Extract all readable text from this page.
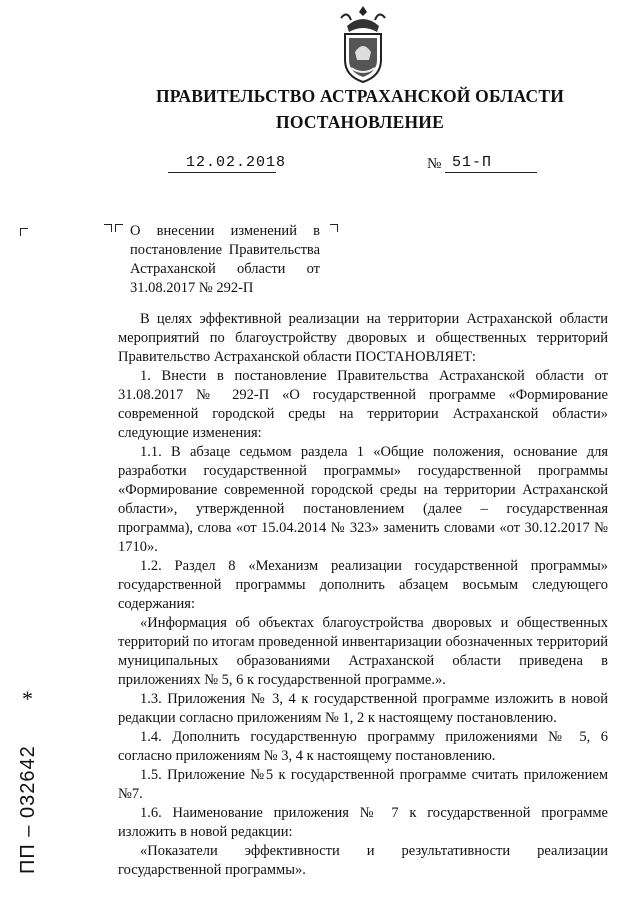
ПРАВИТЕЛЬСТВО АСТРАХАНСКОЙ ОБЛАСТИ
ПОСТАНОВЛЕНИЕ
12.02.2018	№ 51-П

О внесении изменений в постановление Правительства Астраханской области от 31.08.2017 № 292-П

В целях эффективной реализации на территории Астраханской области мероприятий по благоустройству дворовых и общественных территорий Правительство Астраханской области ПОСТАНОВЛЯЕТ:

1. Внести в постановление Правительства Астраханской области от 31.08.2017 № 292-П «О государственной программе «Формирование современной городской среды на территории Астраханской области» следующие изменения:

1.1. В абзаце седьмом раздела 1 «Общие положения, основание для разработки государственной программы» государственной программы «Формирование современной городской среды на территории Астраханской области», утвержденной постановлением (далее – государственная программа), слова «от 15.04.2014 № 323» заменить словами «от 30.12.2017 № 1710».

1.2. Раздел 8 «Механизм реализации государственной программы» государственной программы дополнить абзацем восьмым следующего содержания:

«Информация об объектах благоустройства дворовых и общественных территорий по итогам проведенной инвентаризации обозначенных территорий муниципальных образованиями Астраханской области приведена в приложениях № 5, 6 к государственной программе.».

1.3. Приложения № 3, 4 к государственной программе изложить в новой редакции согласно приложениям № 1, 2 к настоящему постановлению.

1.4. Дополнить государственную программу приложениями № 5, 6 согласно приложениям № 3, 4 к настоящему постановлению.

1.5. Приложение №5 к государственной программе считать приложением №7.

1.6. Наименование приложения № 7 к государственной программе изложить в новой редакции:

«Показатели эффективности и результативности реализации государственной программы».

*
ПП – 032642
